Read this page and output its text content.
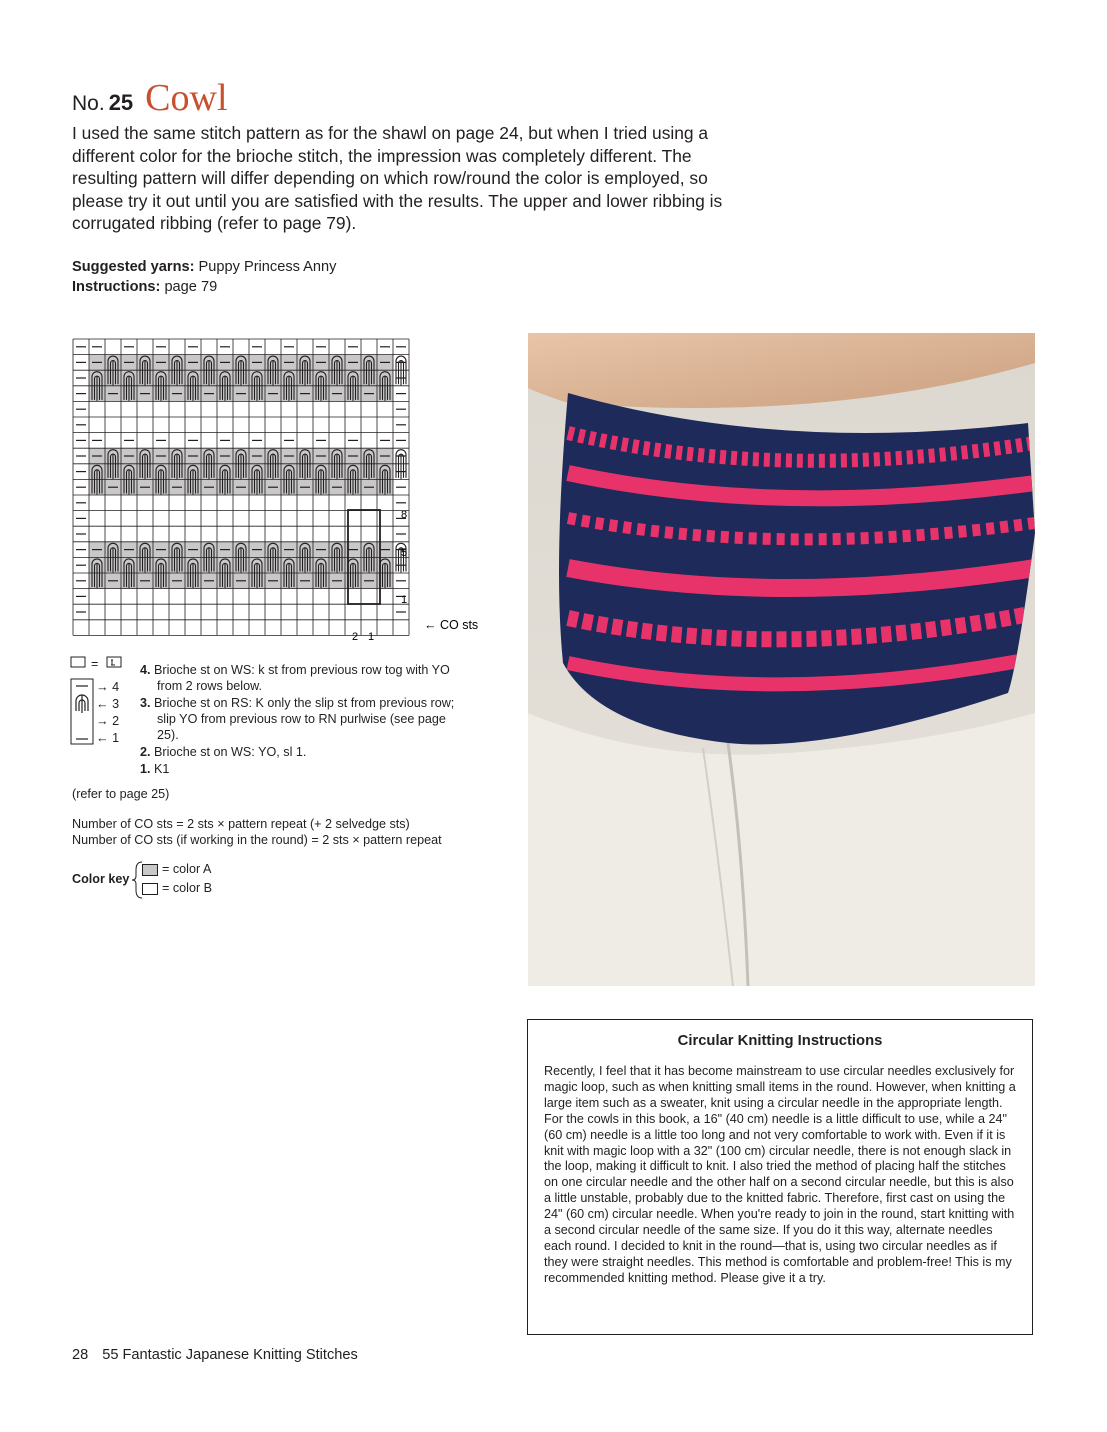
No. 25 Cowl
I used the same stitch pattern as for the shawl on page 24, but when I tried using a different color for the brioche stitch, the impression was completely different. The resulting pattern will differ depending on which row/round the color is employed, so please try it out until you are satisfied with the results. The upper and lower ribbing is corrugated ribbing (refer to page 79).
Suggested yarns: Puppy Princess Anny
Instructions: page 79
8
5
1
2 1
← CO sts
=
→ 4
← 3
→ 2
← 1
4. Brioche st on WS: k st from previous row tog with YO
from 2 rows below.
3. Brioche st on RS: K only the slip st from previous row;
slip YO from previous row to RN purlwise (see page
25).
2. Brioche st on WS: YO, sl 1.
1. K1
(refer to page 25)
Number of CO sts = 2 sts × pattern repeat (+ 2 selvedge sts)
Number of CO sts (if working in the round) = 2 sts × pattern repeat
Color key
= color A
= color B
Circular Knitting Instructions

Recently, I feel that it has become mainstream to use circular needles exclusively for magic loop, such as when knitting small items in the round. However, when knitting a large item such as a sweater, knit using a circular needle in the appropriate length. For the cowls in this book, a 16" (40 cm) needle is a little difficult to use, while a 24" (60 cm) needle is a little too long and not very comfortable to work with. Even if it is knit with magic loop with a 32" (100 cm) circular needle, there is not enough slack in the loop, making it difficult to knit. I also tried the method of placing half the stitches on one circular needle and the other half on a second circular needle, but this is also a little unstable, probably due to the knitted fabric. Therefore, first cast on using the 24" (60 cm) circular needle. When you're ready to join in the round, start knitting with a second circular needle of the same size. If you do it this way, alternate needles each round. I decided to knit in the round—that is, using two circular needles as if they were straight needles. This method is comfortable and problem-free! This is my recommended knitting method. Please give it a try.

28 55 Fantastic Japanese Knitting Stitches
